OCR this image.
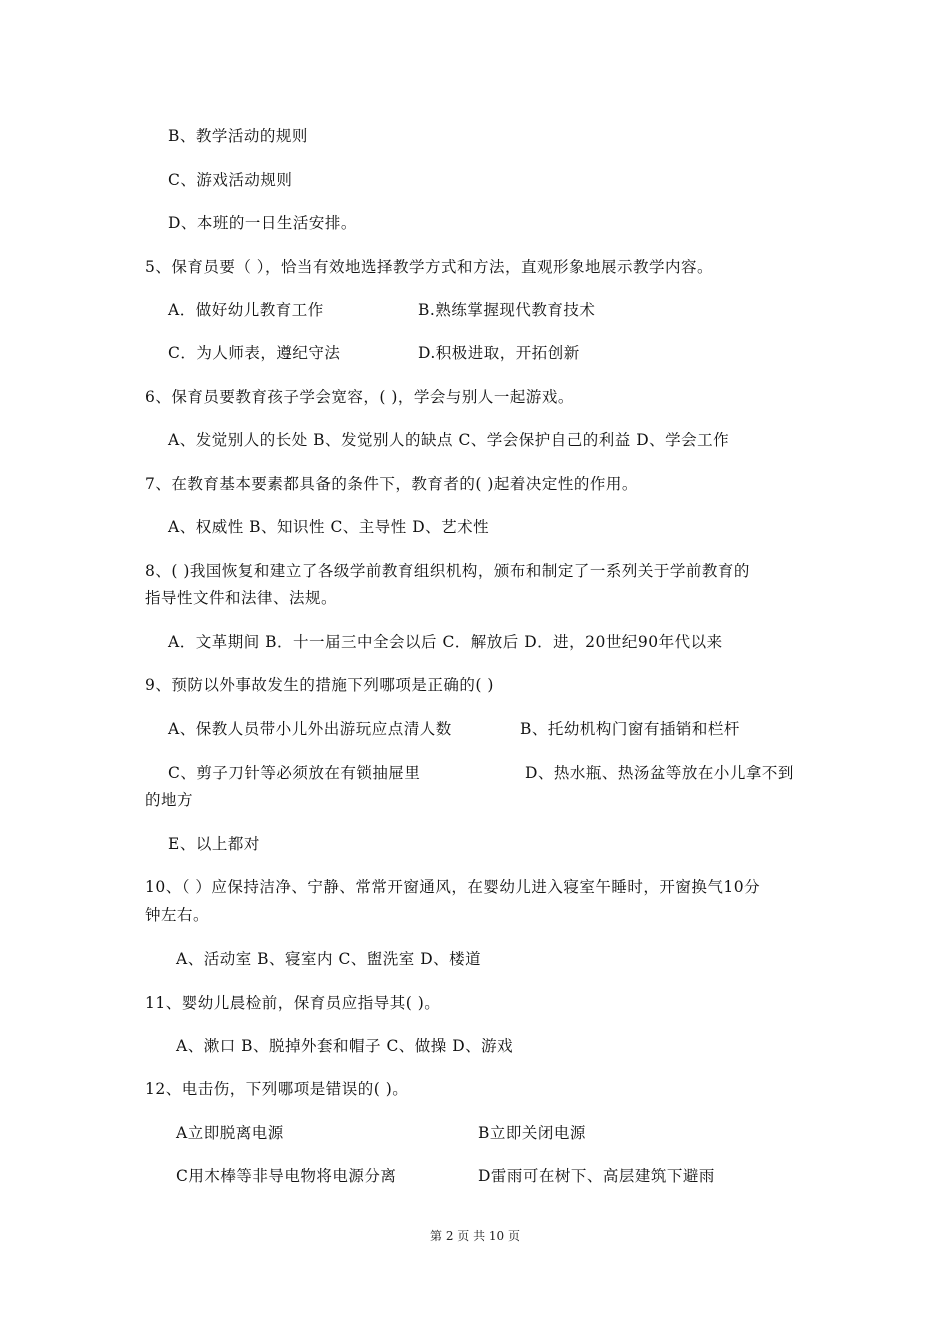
B、教学活动的规则
C、游戏活动规则
D、本班的一日生活安排。
5、保育员要（ ），恰当有效地选择教学方式和方法，直观形象地展示教学内容。
A．做好幼儿教育工作	B.熟练掌握现代教育技术
C．为人师表，遵纪守法	D.积极进取，开拓创新
6、保育员要教育孩子学会宽容，( )，学会与别人一起游戏。
A、发觉别人的长处 B、发觉别人的缺点 C、学会保护自己的利益 D、学会工作
7、在教育基本要素都具备的条件下，教育者的( )起着决定性的作用。
A、权威性 B、知识性 C、主导性 D、艺术性
8、( )我国恢复和建立了各级学前教育组织机构，颁布和制定了一系列关于学前教育的
指导性文件和法律、法规。
A．文革期间 B．十一届三中全会以后 C．解放后 D．进，20世纪90年代以来
9、预防以外事故发生的措施下列哪项是正确的( )
A、保教人员带小儿外出游玩应点清人数	B、托幼机构门窗有插销和栏杆
C、剪子刀针等必须放在有锁抽屉里	D、热水瓶、热汤盆等放在小儿拿不到
的地方
E、以上都对
10、（ ）应保持洁净、宁静、常常开窗通风，在婴幼儿进入寝室午睡时，开窗换气10分
钟左右。
A、活动室 B、寝室内 C、盥洗室 D、楼道
11、婴幼儿晨检前，保育员应指导其( )。
A、漱口 B、脱掉外套和帽子 C、做操 D、游戏
12、电击伤，下列哪项是错误的( )。
A立即脱离电源	B立即关闭电源
C用木棒等非导电物将电源分离	D雷雨可在树下、高层建筑下避雨
第 2 页 共 10 页
